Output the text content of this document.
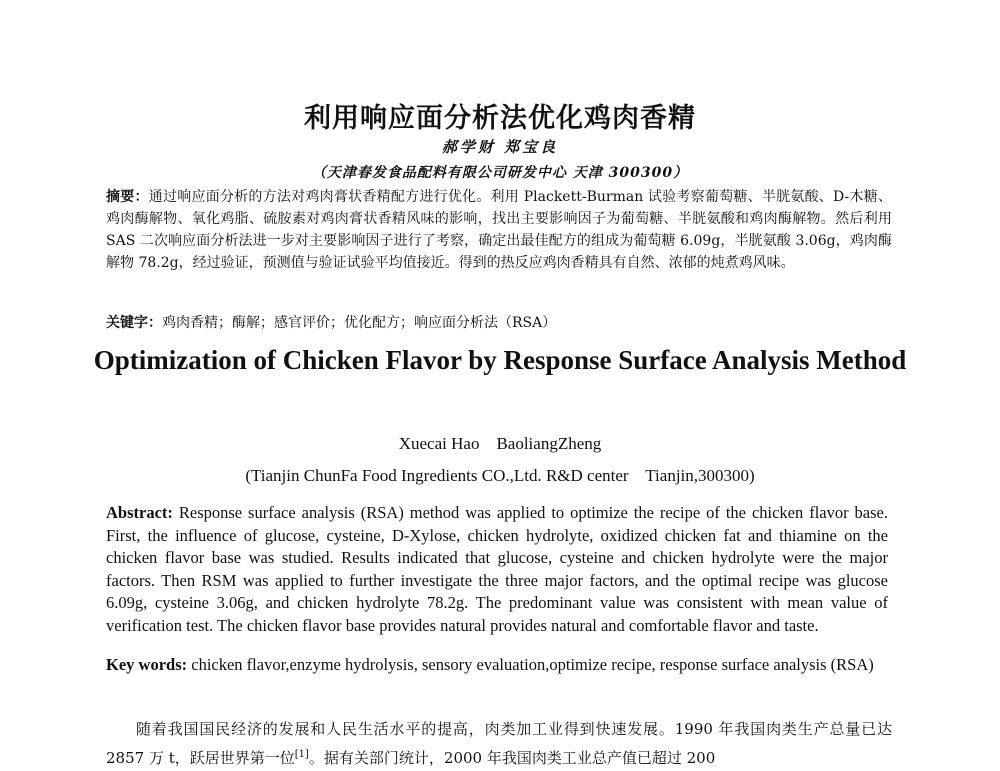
利用响应面分析法优化鸡肉香精
郝学财 郑宝良
（天津春发食品配料有限公司研发中心 天津 300300）
摘要：通过响应面分析的方法对鸡肉膏状香精配方进行优化。利用 Plackett-Burman 试验考察葡萄糖、半胱氨酸、D-木糖、鸡肉酶解物、氧化鸡脂、硫胺素对鸡肉膏状香精风味的影响，找出主要影响因子为葡萄糖、半胱氨酸和鸡肉酶解物。然后利用 SAS 二次响应面分析法进一步对主要影响因子进行了考察，确定出最佳配方的组成为葡萄糖 6.09g，半胱氨酸 3.06g，鸡肉酶解物 78.2g，经过验证，预测值与验证试验平均值接近。得到的热反应鸡肉香精具有自然、浓郁的炖煮鸡风味。
关键字：鸡肉香精；酶解；感官评价；优化配方；响应面分析法（RSA）
Optimization of Chicken Flavor by Response Surface Analysis Method
Xuecai Hao    BaoliangZheng
(Tianjin ChunFa Food Ingredients CO.,Ltd. R&D center    Tianjin,300300)
Abstract: Response surface analysis (RSA) method was applied to optimize the recipe of the chicken flavor base. First, the influence of glucose, cysteine, D-Xylose, chicken hydrolyte, oxidized chicken fat and thiamine on the chicken flavor base was studied. Results indicated that glucose, cysteine and chicken hydrolyte were the major factors. Then RSM was applied to further investigate the three major factors, and the optimal recipe was glucose 6.09g, cysteine 3.06g, and chicken hydrolyte 78.2g. The predominant value was consistent with mean value of verification test. The chicken flavor base provides natural provides natural and comfortable flavor and taste.
Key words: chicken flavor,enzyme hydrolysis, sensory evaluation,optimize recipe, response surface analysis (RSA)
随着我国国民经济的发展和人民生活水平的提高，肉类加工业得到快速发展。1990 年我国肉类生产总量已达 2857 万 t，跃居世界第一位[1]。据有关部门统计，2000 年我国肉类工业总产值已超过 200
